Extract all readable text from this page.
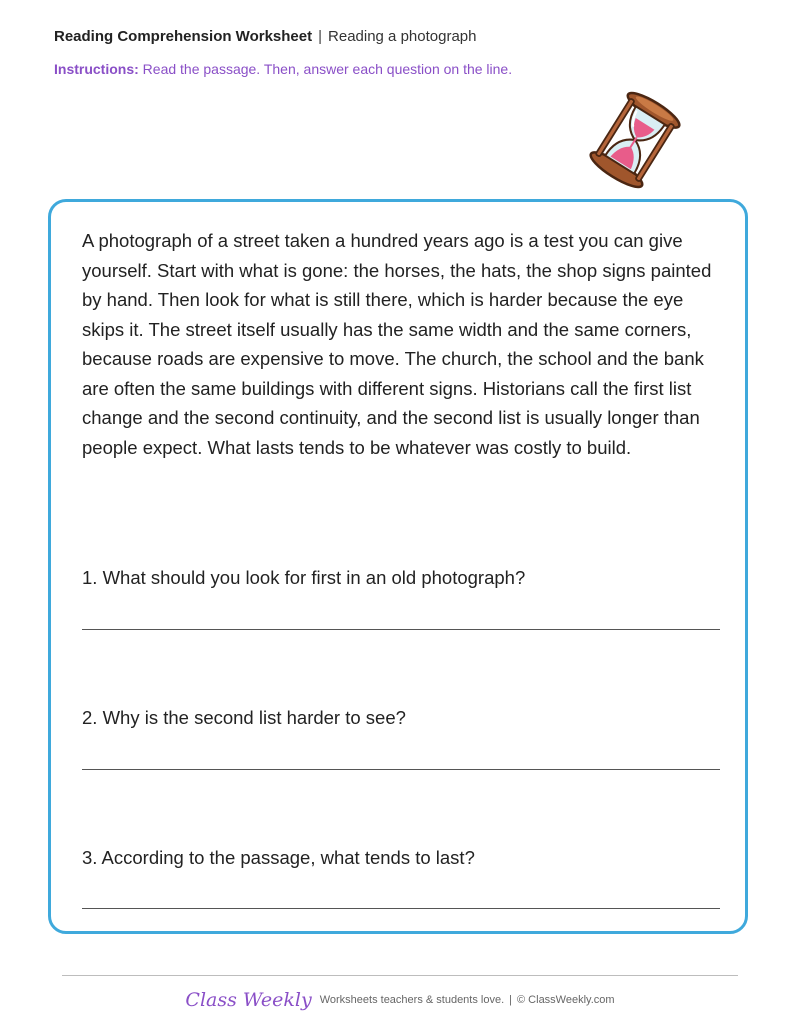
Reading Comprehension Worksheet | Reading a photograph
Instructions: Read the passage. Then, answer each question on the line.

A photograph of a street taken a hundred years ago is a test you can give yourself. Start with what is gone: the horses, the hats, the shop signs painted by hand. Then look for what is still there, which is harder because the eye skips it. The street itself usually has the same width and the same corners, because roads are expensive to move. The church, the school and the bank are often the same buildings with different signs. Historians call the first list change and the second continuity, and the second list is usually longer than people expect. What lasts tends to be whatever was costly to build.

1. What should you look for first in an old photograph?
2. Why is the second list harder to see?
3. According to the passage, what tends to last?
Class Weekly Worksheets teachers & students love. | © ClassWeekly.com
